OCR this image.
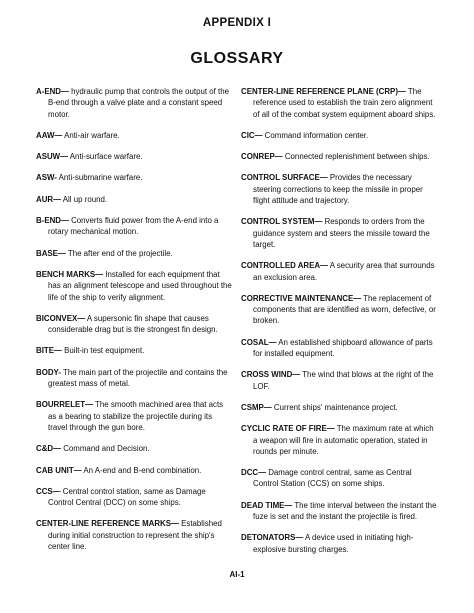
APPENDIX I
GLOSSARY
A-END— hydraulic pump that controls the output of the B-end through a valve plate and a constant speed motor.
AAW— Anti-air warfare.
ASUW— Anti-surface warfare.
ASW- Anti-submarine warfare.
AUR— All up round.
B-END— Converts fluid power from the A-end into a rotary mechanical motion.
BASE— The after end of the projectile.
BENCH MARKS— Installed for each equipment that has an alignment telescope and used throughout the life of the ship to verify alignment.
BICONVEX— A supersonic fin shape that causes considerable drag but is the strongest fin design.
BITE— Built-in test equipment.
BODY- The main part of the projectile and contains the greatest mass of metal.
BOURRELET— The smooth machined area that acts as a bearing to stabilize the projectile during its travel through the gun bore.
C&D— Command and Decision.
CAB UNIT— An A-end and B-end combination.
CCS— Central control station, same as Damage Control Central (DCC) on some ships.
CENTER-LINE REFERENCE MARKS— Established during initial construction to represent the ship's center line.
CENTER-LINE REFERENCE PLANE (CRP)— The reference used to establish the train zero alignment of all of the combat system equipment aboard ships.
CIC— Command information center.
CONREP— Connected replenishment between ships.
CONTROL SURFACE— Provides the necessary steering corrections to keep the missile in proper flight attitude and trajectory.
CONTROL SYSTEM— Responds to orders from the guidance system and steers the missile toward the target.
CONTROLLED AREA— A security area that surrounds an exclusion area.
CORRECTIVE MAINTENANCE— The replacement of components that are identified as worn, defective, or broken.
COSAL— An established shipboard allowance of parts for installed equipment.
CROSS WIND— The wind that blows at the right of the LOF.
CSMP— Current ships' maintenance project.
CYCLIC RATE OF FIRE— The maximum rate at which a weapon will fire in automatic operation, stated in rounds per minute.
DCC— Damage control central, same as Central Control Station (CCS) on some ships.
DEAD TIME— The time interval between the instant the fuze is set and the instant the projectile is fired.
DETONATORS— A device used in initiating high-explosive bursting charges.
AI-1
